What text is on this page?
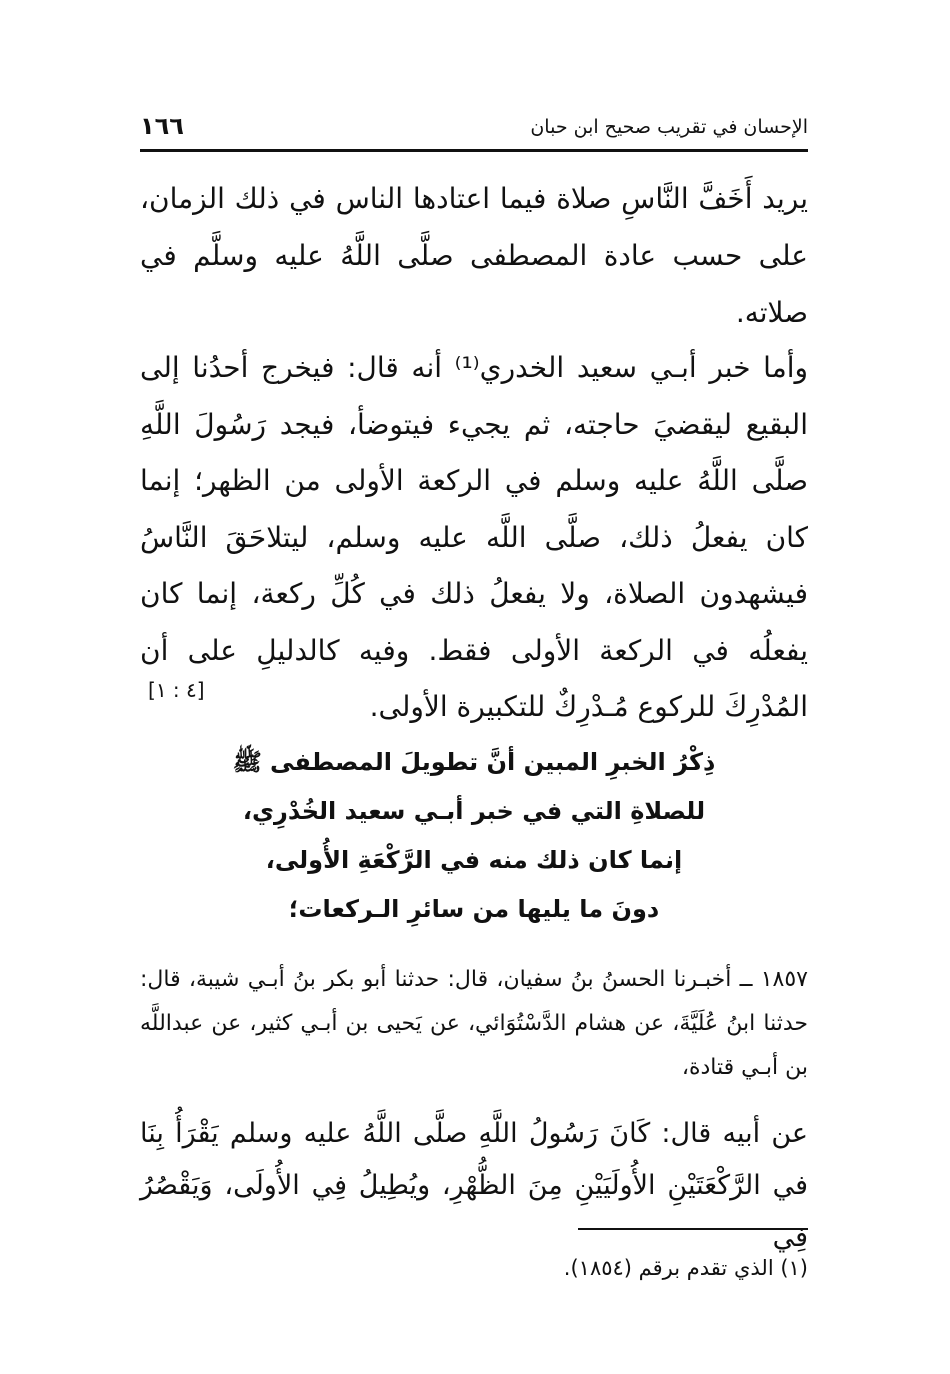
١٦٦	الإحسان في تقريب صحيح ابن حبان

يريد أَخَفَّ النَّاسِ صلاة فيما اعتادها الناس في ذلك الزمان، على حسب عادة المصطفى صلَّى اللَّهُ عليه وسلَّم في صلاته.

وأما خبر أبـي سعيد الخدري⁽¹⁾ أنه قال: فيخرج أحدُنا إلى البقيع ليقضيَ حاجته، ثم يجيء فيتوضأ، فيجد رَسُولَ اللَّهِ صلَّى اللَّهُ عليه وسلم في الركعة الأولى من الظهر؛ إنما كان يفعلُ ذلك، صلَّى اللَّه عليه وسلم، ليتلاحَقَ النَّاسُ فيشهدون الصلاة، ولا يفعلُ ذلك في كُلِّ ركعة، إنما كان يفعلُه في الركعة الأولى فقط. وفيه كالدليلِ على أن المُدْرِكَ للركوع مُـدْرِكٌ للتكبيرة الأولى.

[٤ : ١]
ذِكْرُ الخبرِ المبين أنَّ تطويلَ المصطفى ﷺ
للصلاةِ التي في خبر أبـي سعيد الخُدْرِي،
إنما كان ذلك منه في الرَّكْعَةِ الأُولى،
دونَ ما يليها من سائرِ الـركعات؛

١٨٥٧ ــ أخبـرنا الحسنُ بنُ سفيان، قال: حدثنا أبو بكر بنُ أبـي شيبة، قال: حدثنا ابنُ عُلَيَّةَ، عن هشام الدَّسْتُوَائي، عن يَحيى بن أبـي كثير، عن عبداللَّه بن أبـي قتادة،

عن أبيه قال: كَانَ رَسُولُ اللَّهِ صلَّى اللَّهُ عليه وسلم يَقْرَأُ بِنَا في الرَّكْعَتَيْنِ الأُولَيَيْنِ مِنَ الظُّهْرِ، ويُطِيلُ فِي الأُولَى، وَيَقْصُرُ فِي

(١) الذي تقدم برقم (١٨٥٤).
